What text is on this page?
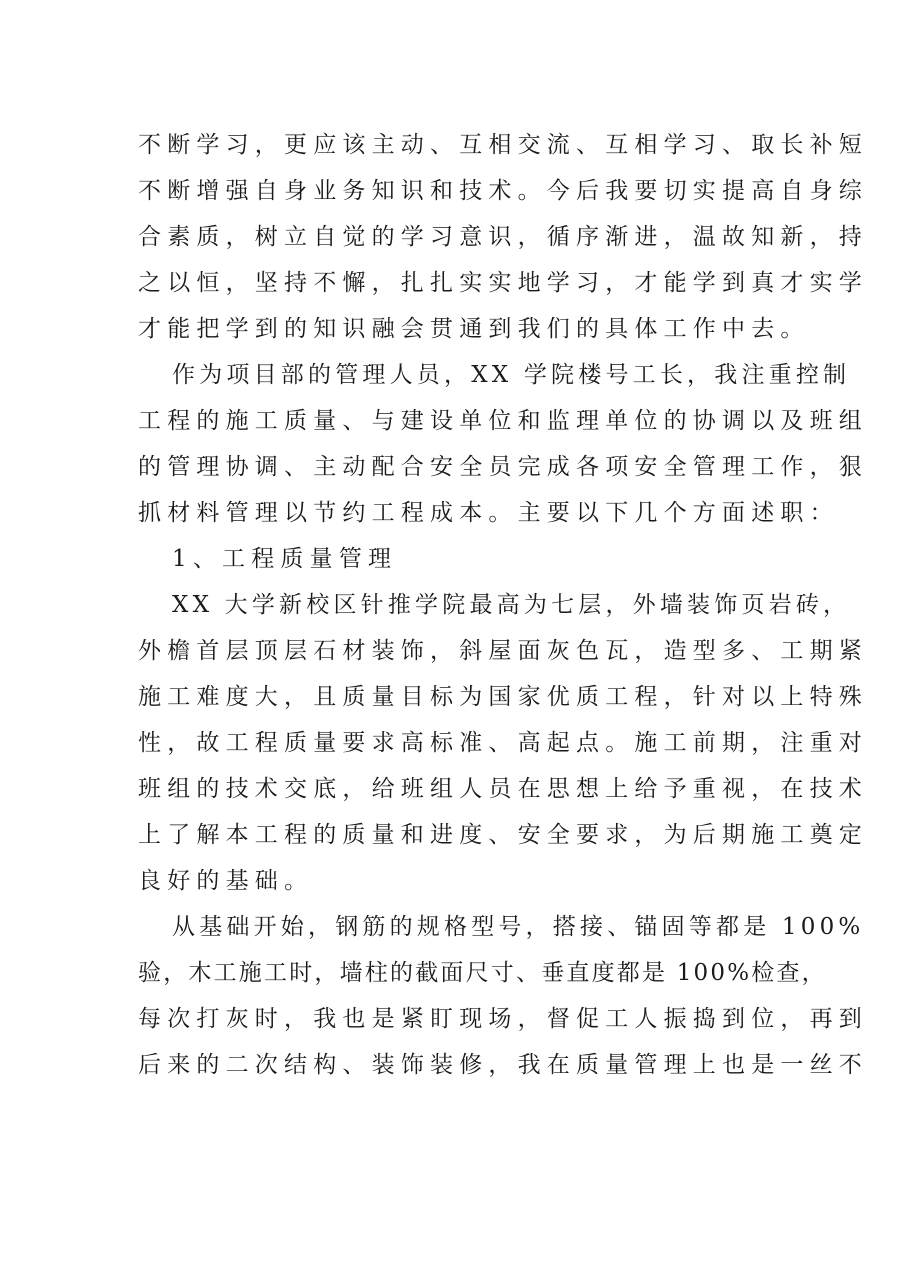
不断学习，更应该主动、互相交流、互相学习、取长补短
不断增强自身业务知识和技术。今后我要切实提高自身综
合素质，树立自觉的学习意识，循序渐进，温故知新，持
之以恒，坚持不懈，扎扎实实地学习，才能学到真才实学
才能把学到的知识融会贯通到我们的具体工作中去。
作为项目部的管理人员，XX 学院楼号工长，我注重控制
工程的施工质量、与建设单位和监理单位的协调以及班组
的管理协调、主动配合安全员完成各项安全管理工作，狠
抓材料管理以节约工程成本。主要以下几个方面述职：
1、工程质量管理
XX 大学新校区针推学院最高为七层，外墙装饰页岩砖，
外檐首层顶层石材装饰，斜屋面灰色瓦，造型多、工期紧
施工难度大，且质量目标为国家优质工程，针对以上特殊
性，故工程质量要求高标准、高起点。施工前期，注重对
班组的技术交底，给班组人员在思想上给予重视，在技术
上了解本工程的质量和进度、安全要求，为后期施工奠定
良好的基础。
从基础开始，钢筋的规格型号，搭接、锚固等都是 100%
验，木工施工时，墙柱的截面尺寸、垂直度都是 100%检查，
每次打灰时，我也是紧盯现场，督促工人振捣到位，再到
后来的二次结构、装饰装修，我在质量管理上也是一丝不
